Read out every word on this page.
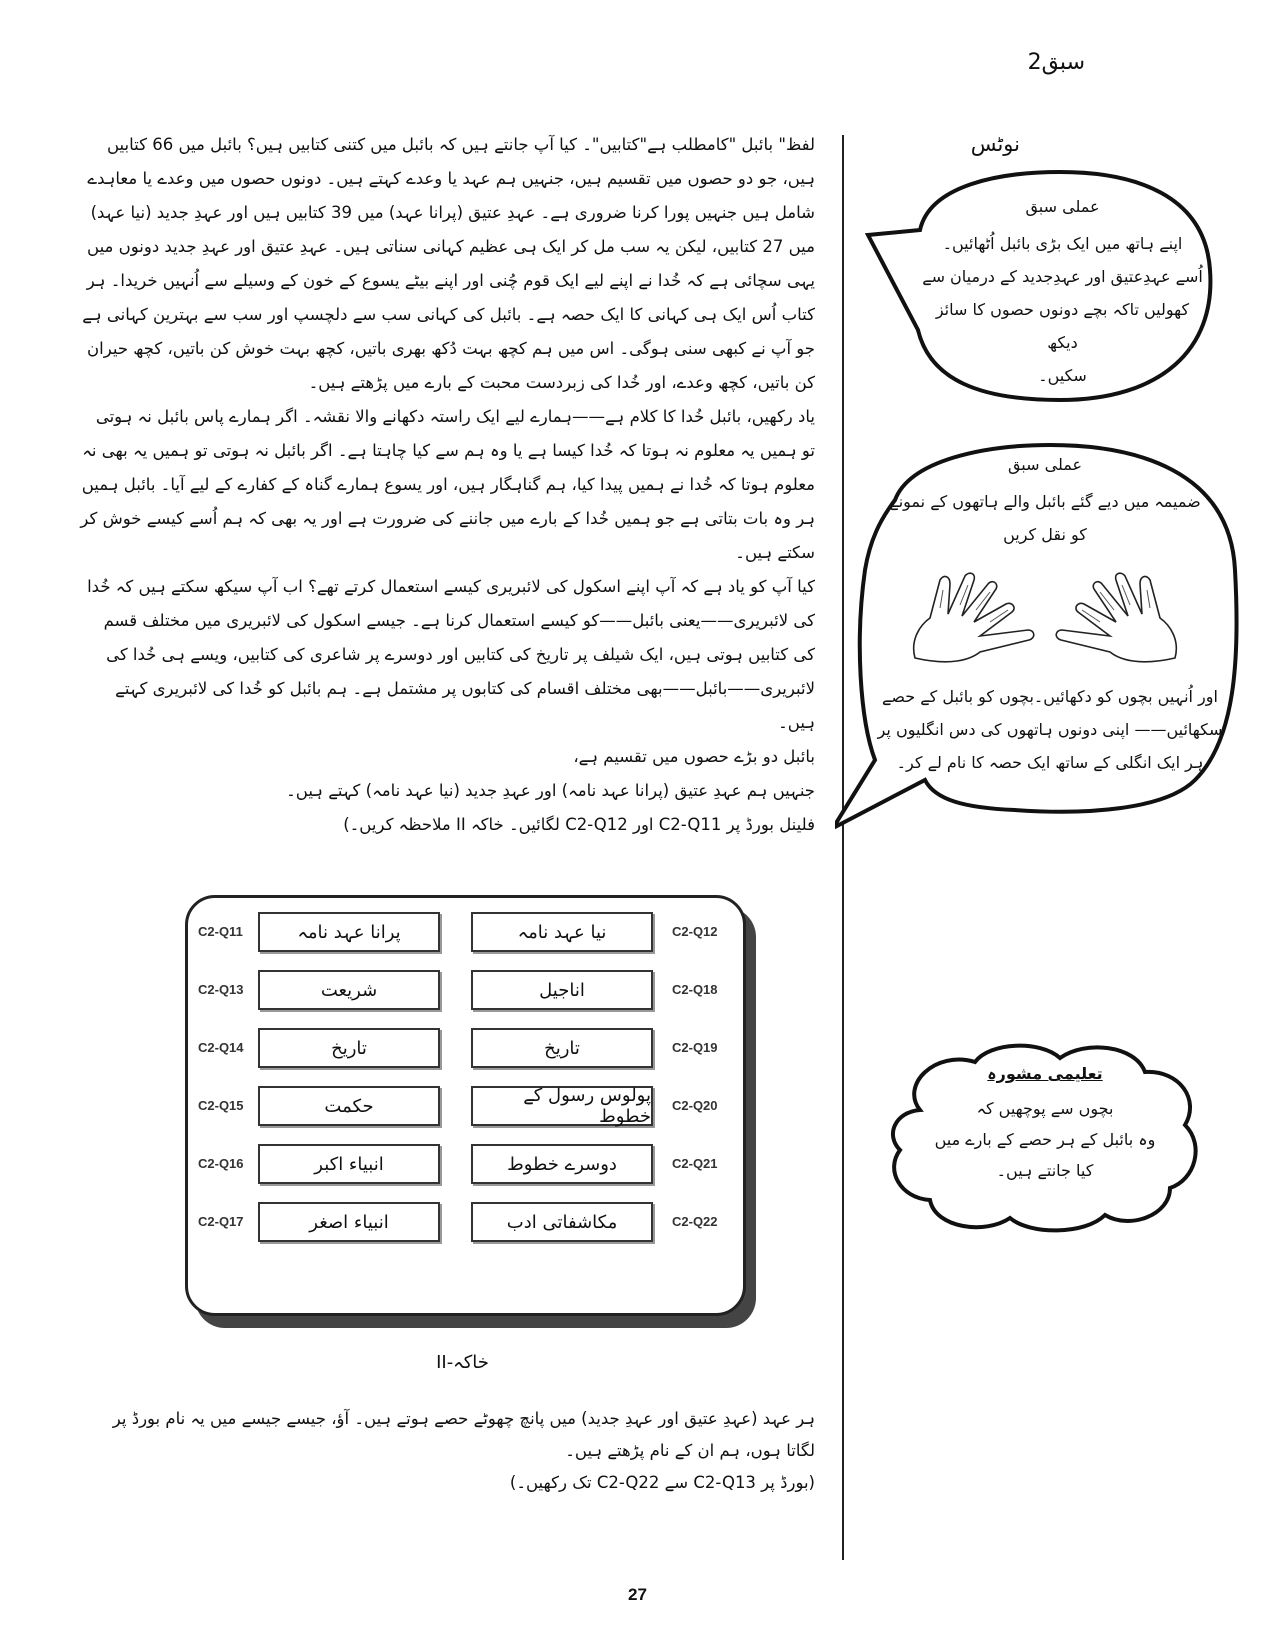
سبق2

لفظ" بائبل "کامطلب ہے"کتابیں"۔ کیا آپ جانتے ہیں کہ بائبل میں کتنی کتابیں ہیں؟ بائبل میں 66 کتابیں ہیں، جو دو حصوں میں تقسیم ہیں، جنہیں ہم عہد یا وعدے کہتے ہیں۔ دونوں حصوں میں وعدے یا معاہدے شامل ہیں جنہیں پورا کرنا ضروری ہے۔ عہدِ عتیق (پرانا عہد) میں 39 کتابیں ہیں اور عہدِ جدید (نیا عہد) میں 27 کتابیں، لیکن یہ سب مل کر ایک ہی عظیم کہانی سناتی ہیں۔ عہدِ عتیق اور عہدِ جدید دونوں میں یہی سچائی ہے کہ خُدا نے اپنے لیے ایک قوم چُنی اور اپنے بیٹے یسوع کے خون کے وسیلے سے اُنہیں خریدا۔ ہر کتاب اُس ایک ہی کہانی کا ایک حصہ ہے۔ بائبل کی کہانی سب سے دلچسپ اور سب سے بہترین کہانی ہے جو آپ نے کبھی سنی ہوگی۔ اس میں ہم کچھ بہت دُکھ بھری باتیں، کچھ بہت خوش کن باتیں، کچھ حیران کن باتیں، کچھ وعدے، اور خُدا کی زبردست محبت کے بارے میں پڑھتے ہیں۔

یاد رکھیں، بائبل خُدا کا کلام ہے——ہمارے لیے ایک راستہ دکھانے والا نقشہ۔ اگر ہمارے پاس بائبل نہ ہوتی تو ہمیں یہ معلوم نہ ہوتا کہ خُدا کیسا ہے یا وہ ہم سے کیا چاہتا ہے۔ اگر بائبل نہ ہوتی تو ہمیں یہ بھی نہ معلوم ہوتا کہ خُدا نے ہمیں پیدا کیا، ہم گناہگار ہیں، اور یسوع ہمارے گناہ کے کفارے کے لیے آیا۔ بائبل ہمیں ہر وہ بات بتاتی ہے جو ہمیں خُدا کے بارے میں جاننے کی ضرورت ہے اور یہ بھی کہ ہم اُسے کیسے خوش کر سکتے ہیں۔

کیا آپ کو یاد ہے کہ آپ اپنے اسکول کی لائبریری کیسے استعمال کرتے تھے؟ اب آپ سیکھ سکتے ہیں کہ خُدا کی لائبریری——یعنی بائبل——کو کیسے استعمال کرنا ہے۔ جیسے اسکول کی لائبریری میں مختلف قسم کی کتابیں ہوتی ہیں، ایک شیلف پر تاریخ کی کتابیں اور دوسرے پر شاعری کی کتابیں، ویسے ہی خُدا کی لائبریری——بائبل——بھی مختلف اقسام کی کتابوں پر مشتمل ہے۔ ہم بائبل کو خُدا کی لائبریری کہتے ہیں۔

بائبل دو بڑے حصوں میں تقسیم ہے،

جنہیں ہم عہدِ عتیق (پرانا عہد نامہ) اور عہدِ جدید (نیا عہد نامہ) کہتے ہیں۔

فلینل بورڈ پر C2-Q11 اور C2-Q12 لگائیں۔ خاکہ II ملاحظہ کریں۔)

نوٹس
عملی سبق
اپنے ہاتھ میں ایک بڑی بائبل اُٹھائیں۔
اُسے عہدِعتیق اور عہدِجدید کے درمیان سے
کھولیں تاکہ بچے دونوں حصوں کا سائز دیکھ
سکیں۔
عملی سبق
ضمیمہ میں دیے گئے بائبل والے ہاتھوں کے نمونے
کو نقل کریں
اور اُنہیں بچوں کو دکھائیں۔بچوں کو بائبل کے حصے
سکھائیں—— اپنی دونوں ہاتھوں کی دس انگلیوں پر
ہر ایک انگلی کے ساتھ ایک حصہ کا نام لے کر۔
تعلیمی مشورہ
بچوں سے پوچھیں کہ
وہ بائبل کے ہر حصے کے بارے میں
کیا جانتے ہیں۔
C2-Q11
C2-Q13
C2-Q14
C2-Q15
C2-Q16
C2-Q17
پرانا عہد نامہ
شریعت
تاریخ
حکمت
انبیاء اکبر
انبیاء اصغر
نیا عہد نامہ
اناجیل
تاریخ
پولوس رسول کے خطوط
دوسرے خطوط
مکاشفاتی ادب
C2-Q12
C2-Q18
C2-Q19
C2-Q20
C2-Q21
C2-Q22
خاکہ-II

ہر عہد (عہدِ عتیق اور عہدِ جدید) میں پانچ چھوٹے حصے ہوتے ہیں۔ آؤ، جیسے جیسے میں یہ نام بورڈ پر لگاتا ہوں، ہم ان کے نام پڑھتے ہیں۔

(بورڈ پر C2-Q13 سے C2-Q22 تک رکھیں۔)

27
